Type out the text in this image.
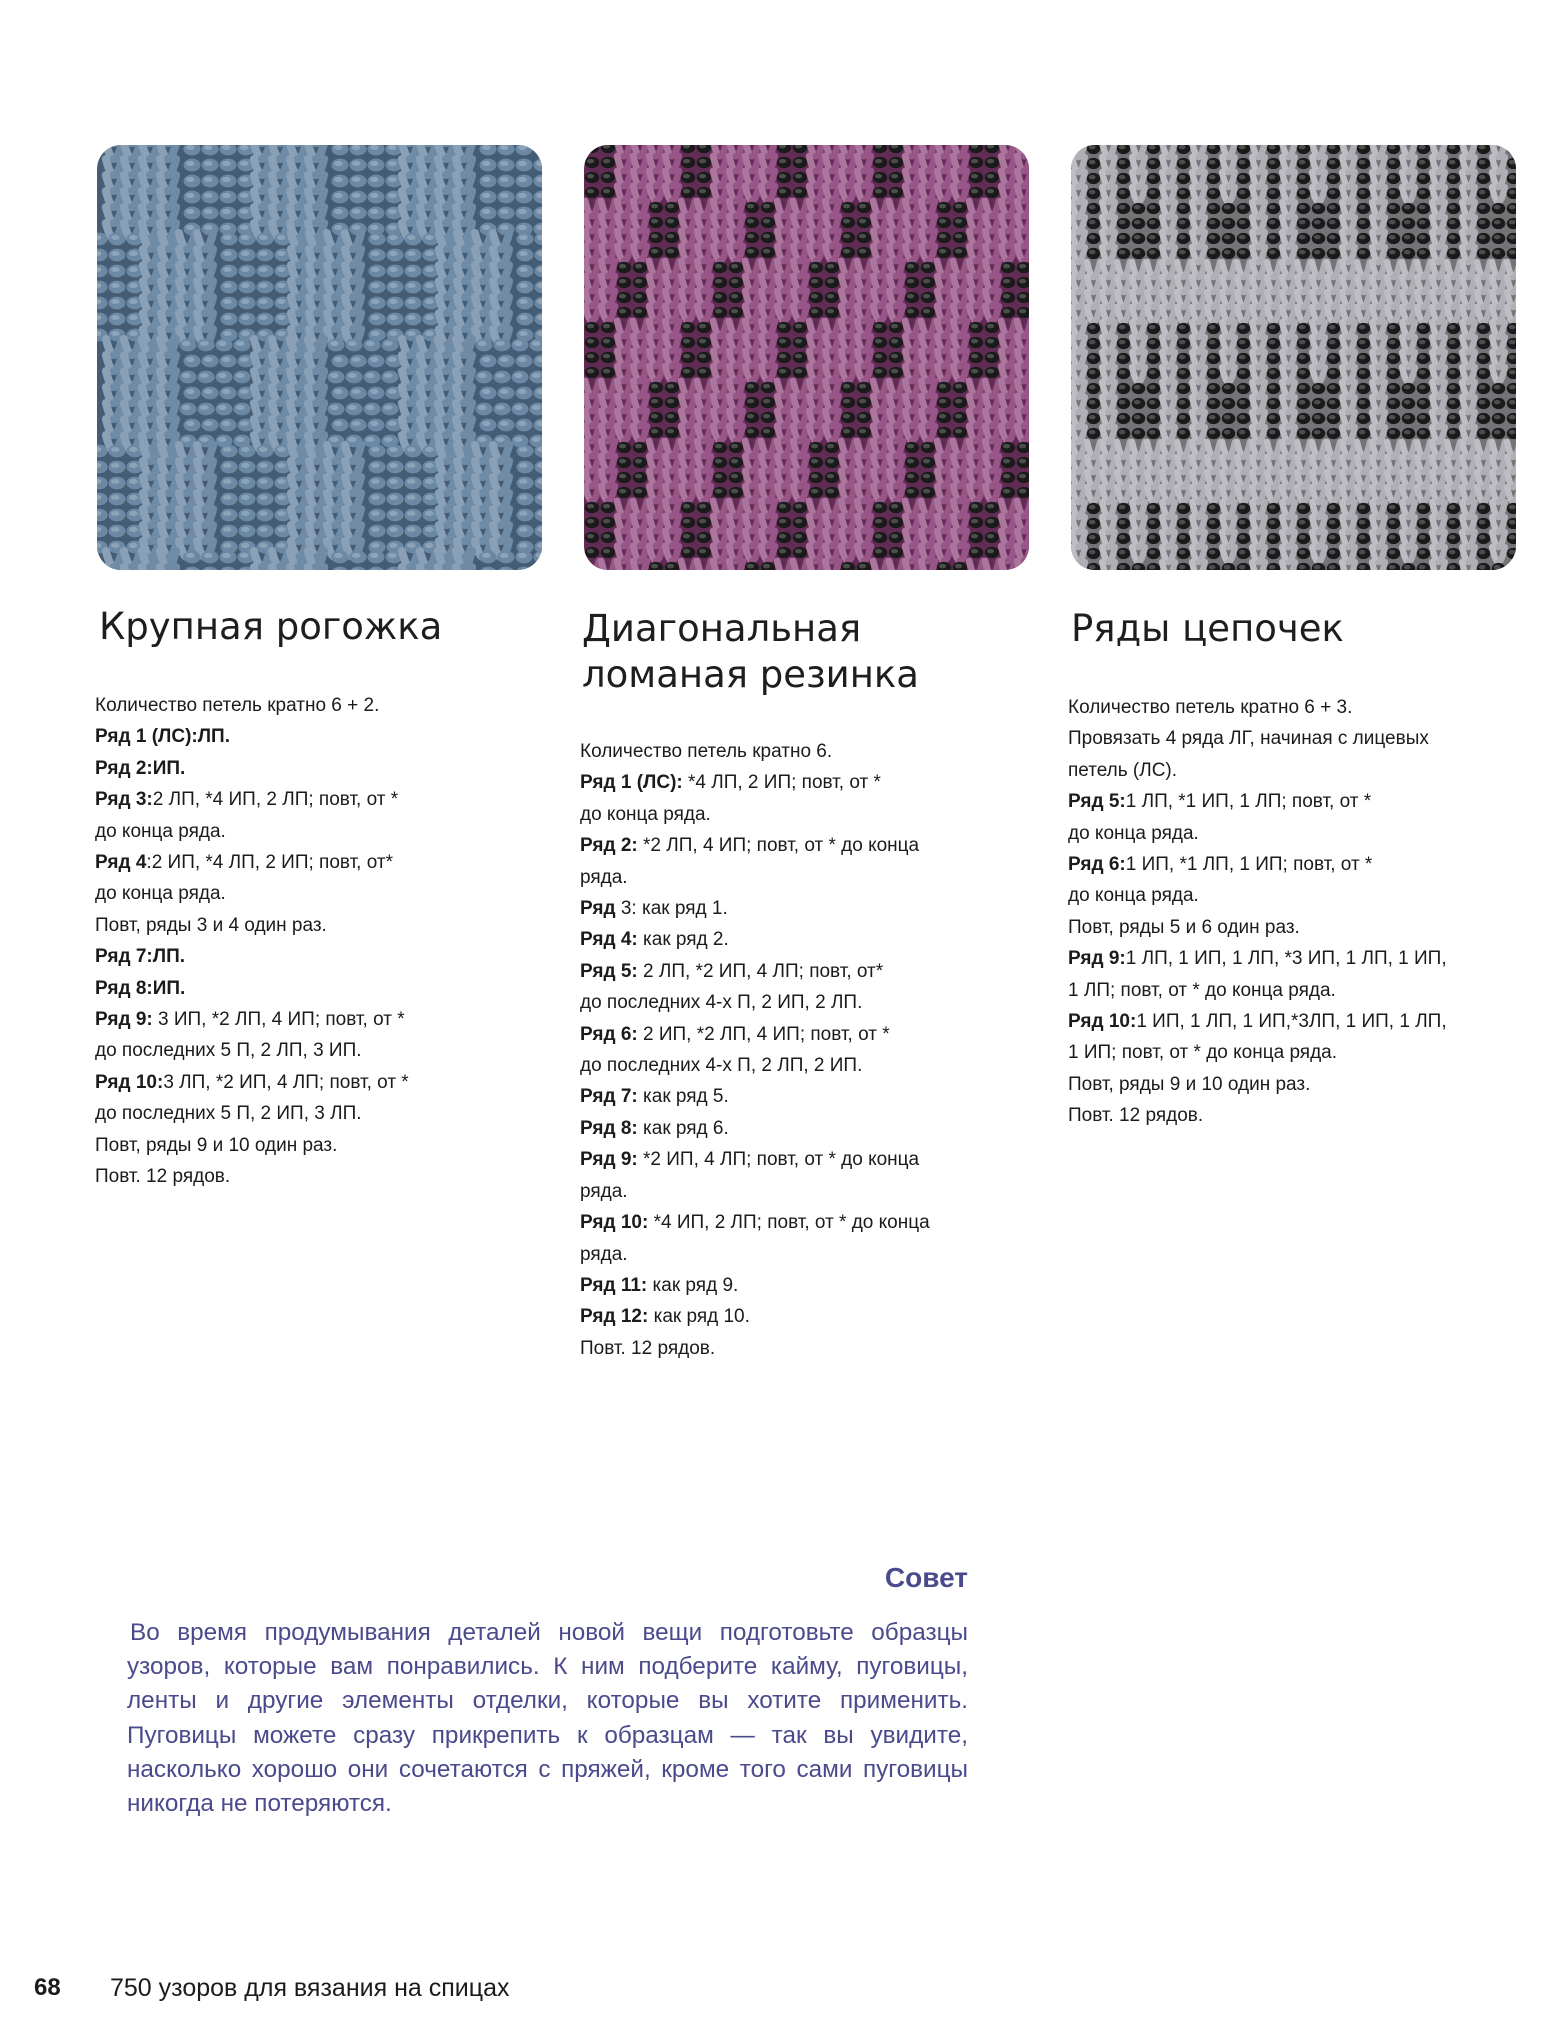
Крупная рогожка
Количество петель кратно 6 + 2.
Ряд 1 (ЛС):ЛП.
Ряд 2:ИП.
Ряд 3:2 ЛП, *4 ИП, 2 ЛП; повт, от *
до конца ряда.
Ряд 4:2 ИП, *4 ЛП, 2 ИП; повт, от*
до конца ряда.
Повт, ряды 3 и 4 один раз.
Ряд 7:ЛП.
Ряд 8:ИП.
Ряд 9: 3 ИП, *2 ЛП, 4 ИП; повт, от *
до последних 5 П, 2 ЛП, 3 ИП.
Ряд 10:3 ЛП, *2 ИП, 4 ЛП; повт, от *
до последних 5 П, 2 ИП, 3 ЛП.
Повт, ряды 9 и 10 один раз.
Повт. 12 рядов.
Диагональная
ломаная резинка
Количество петель кратно 6.
Ряд 1 (ЛС): *4 ЛП, 2 ИП; повт, от *
до конца ряда.
Ряд 2: *2 ЛП, 4 ИП; повт, от * до конца
ряда.
Ряд 3: как ряд 1.
Ряд 4: как ряд 2.
Ряд 5: 2 ЛП, *2 ИП, 4 ЛП; повт, от*
до последних 4-х П, 2 ИП, 2 ЛП.
Ряд 6: 2 ИП, *2 ЛП, 4 ИП; повт, от *
до последних 4-х П, 2 ЛП, 2 ИП.
Ряд 7: как ряд 5.
Ряд 8: как ряд 6.
Ряд 9: *2 ИП, 4 ЛП; повт, от * до конца
ряда.
Ряд 10: *4 ИП, 2 ЛП; повт, от * до конца
ряда.
Ряд 11: как ряд 9.
Ряд 12: как ряд 10.
Повт. 12 рядов.
Ряды цепочек
Количество петель кратно 6 + 3.
Провязать 4 ряда ЛГ, начиная с лицевых
петель (ЛС).
Ряд 5:1 ЛП, *1 ИП, 1 ЛП; повт, от *
до конца ряда.
Ряд 6:1 ИП, *1 ЛП, 1 ИП; повт, от *
до конца ряда.
Повт, ряды 5 и 6 один раз.
Ряд 9:1 ЛП, 1 ИП, 1 ЛП, *3 ИП, 1 ЛП, 1 ИП,
1 ЛП; повт, от * до конца ряда.
Ряд 10:1 ИП, 1 ЛП, 1 ИП,*3ЛП, 1 ИП, 1 ЛП,
1 ИП; повт, от * до конца ряда.
Повт, ряды 9 и 10 один раз.
Повт. 12 рядов.
Совет

Во время продумывания деталей новой вещи подготовьте образцы узоров, которые вам понравились. К ним подберите кайму, пуговицы, ленты и другие элементы отделки, которые вы хотите применить. Пуговицы можете сразу прикрепить к образцам — так вы увидите, насколько хорошо они сочетаются с пряжей, кроме того сами пуговицы никогда не потеряются.

68 750 узоров для вязания на спицах
